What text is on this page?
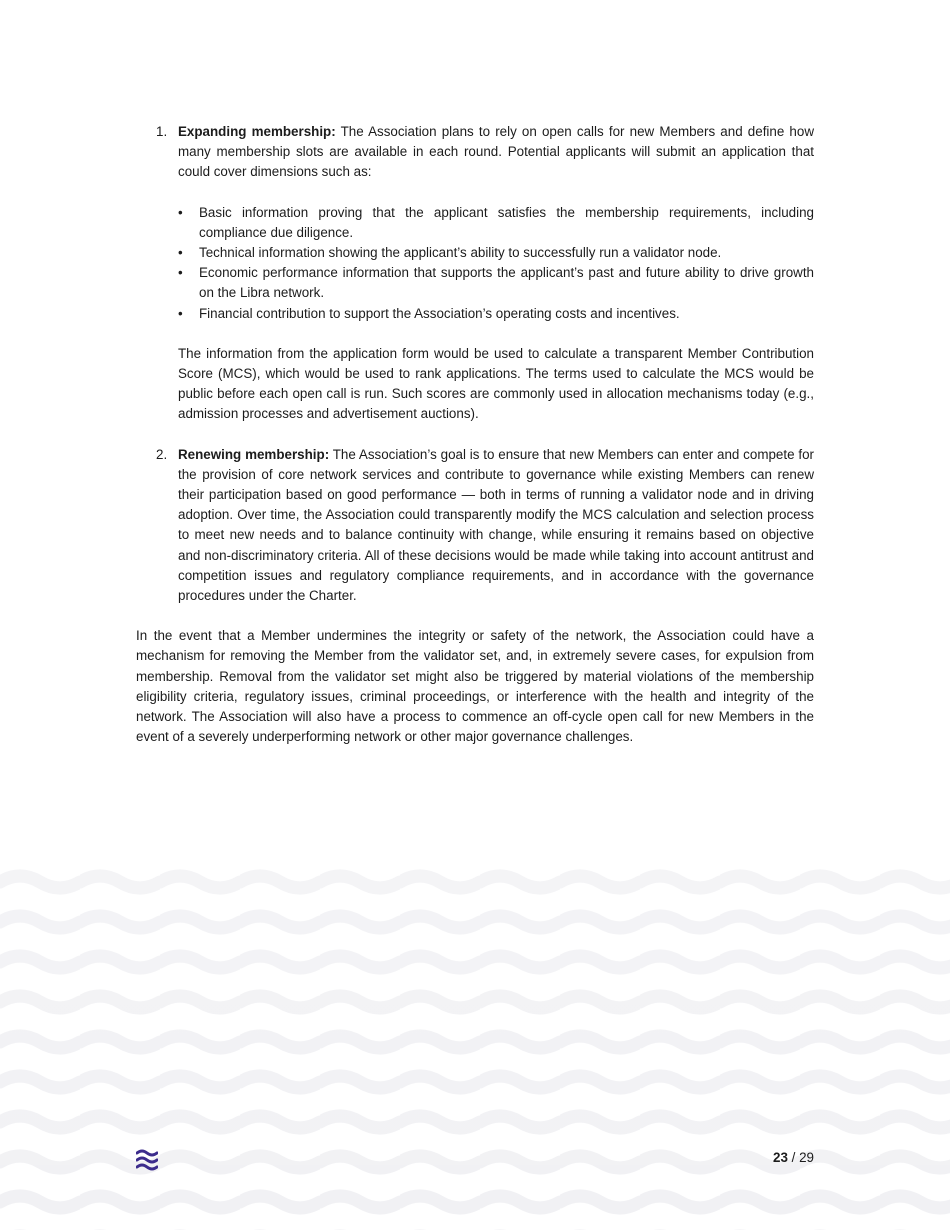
1. Expanding membership: The Association plans to rely on open calls for new Members and define how many membership slots are available in each round. Potential applicants will submit an application that could cover dimensions such as:
• Basic information proving that the applicant satisfies the membership requirements, including compliance due diligence.
• Technical information showing the applicant’s ability to successfully run a validator node.
• Economic performance information that supports the applicant’s past and future ability to drive growth on the Libra network.
• Financial contribution to support the Association’s operating costs and incentives.
The information from the application form would be used to calculate a transparent Member Contribution Score (MCS), which would be used to rank applications. The terms used to calculate the MCS would be public before each open call is run. Such scores are commonly used in allocation mechanisms today (e.g., admission processes and advertisement auctions).
2. Renewing membership: The Association’s goal is to ensure that new Members can enter and compete for the provision of core network services and contribute to governance while existing Members can renew their participation based on good performance — both in terms of running a validator node and in driving adoption. Over time, the Association could transparently modify the MCS calculation and selection process to meet new needs and to balance continuity with change, while ensuring it remains based on objective and non-discriminatory criteria. All of these decisions would be made while taking into account antitrust and competition issues and regulatory compliance requirements, and in accordance with the governance procedures under the Charter.
In the event that a Member undermines the integrity or safety of the network, the Association could have a mechanism for removing the Member from the validator set, and, in extremely severe cases, for expulsion from membership. Removal from the validator set might also be triggered by material violations of the membership eligibility criteria, regulatory issues, criminal proceedings, or interference with the health and integrity of the network. The Association will also have a process to commence an off-cycle open call for new Members in the event of a severely underperforming network or other major governance challenges.
23 / 29
